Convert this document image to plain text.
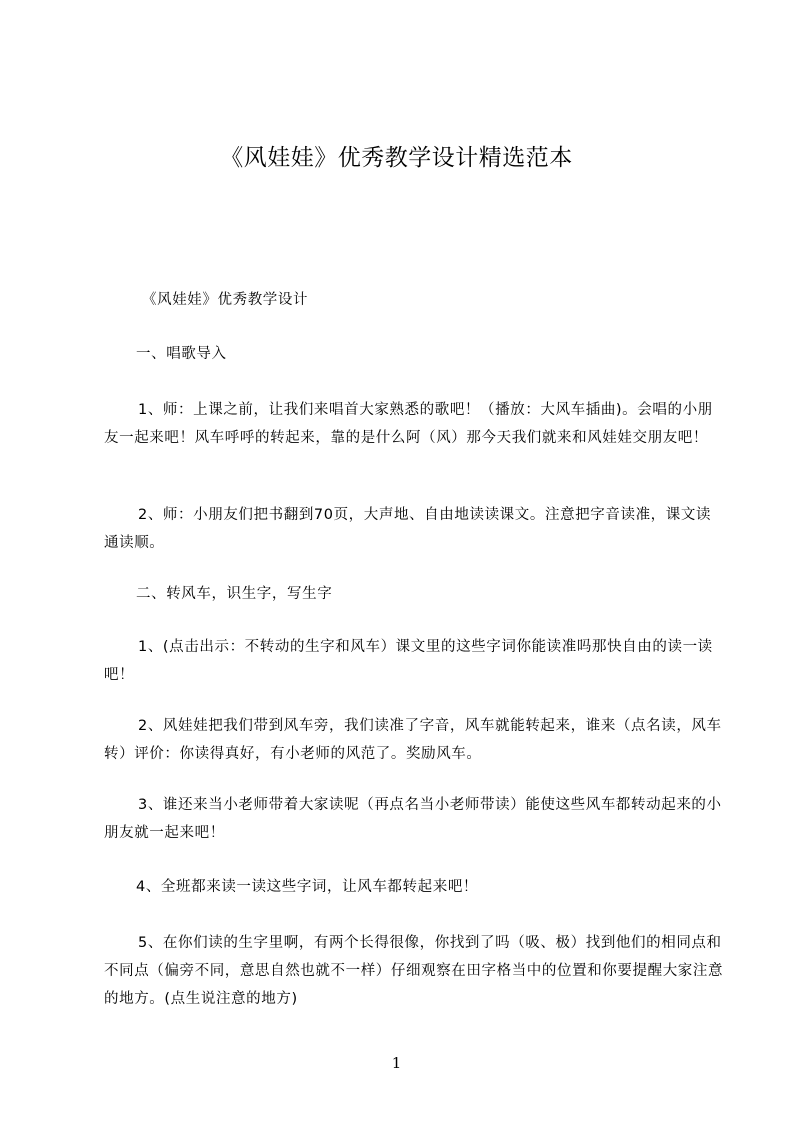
《风娃娃》优秀教学设计精选范本
《风娃娃》优秀教学设计
一、唱歌导入
1、师：上课之前，让我们来唱首大家熟悉的歌吧！（播放：大风车插曲)。会唱的小朋友一起来吧！风车呼呼的转起来，靠的是什么阿（风）那今天我们就来和风娃娃交朋友吧！
2、师：小朋友们把书翻到70页，大声地、自由地读读课文。注意把字音读准，课文读通读顺。
二、转风车，识生字，写生字
1、(点击出示：不转动的生字和风车）课文里的这些字词你能读准吗那快自由的读一读吧！
2、风娃娃把我们带到风车旁，我们读准了字音，风车就能转起来，谁来（点名读，风车转）评价：你读得真好，有小老师的风范了。奖励风车。
3、谁还来当小老师带着大家读呢（再点名当小老师带读）能使这些风车都转动起来的小朋友就一起来吧！
4、全班都来读一读这些字词，让风车都转起来吧！
5、在你们读的生字里啊，有两个长得很像，你找到了吗（吸、极）找到他们的相同点和不同点（偏旁不同，意思自然也就不一样）仔细观察在田字格当中的位置和你要提醒大家注意的地方。(点生说注意的地方)
1
